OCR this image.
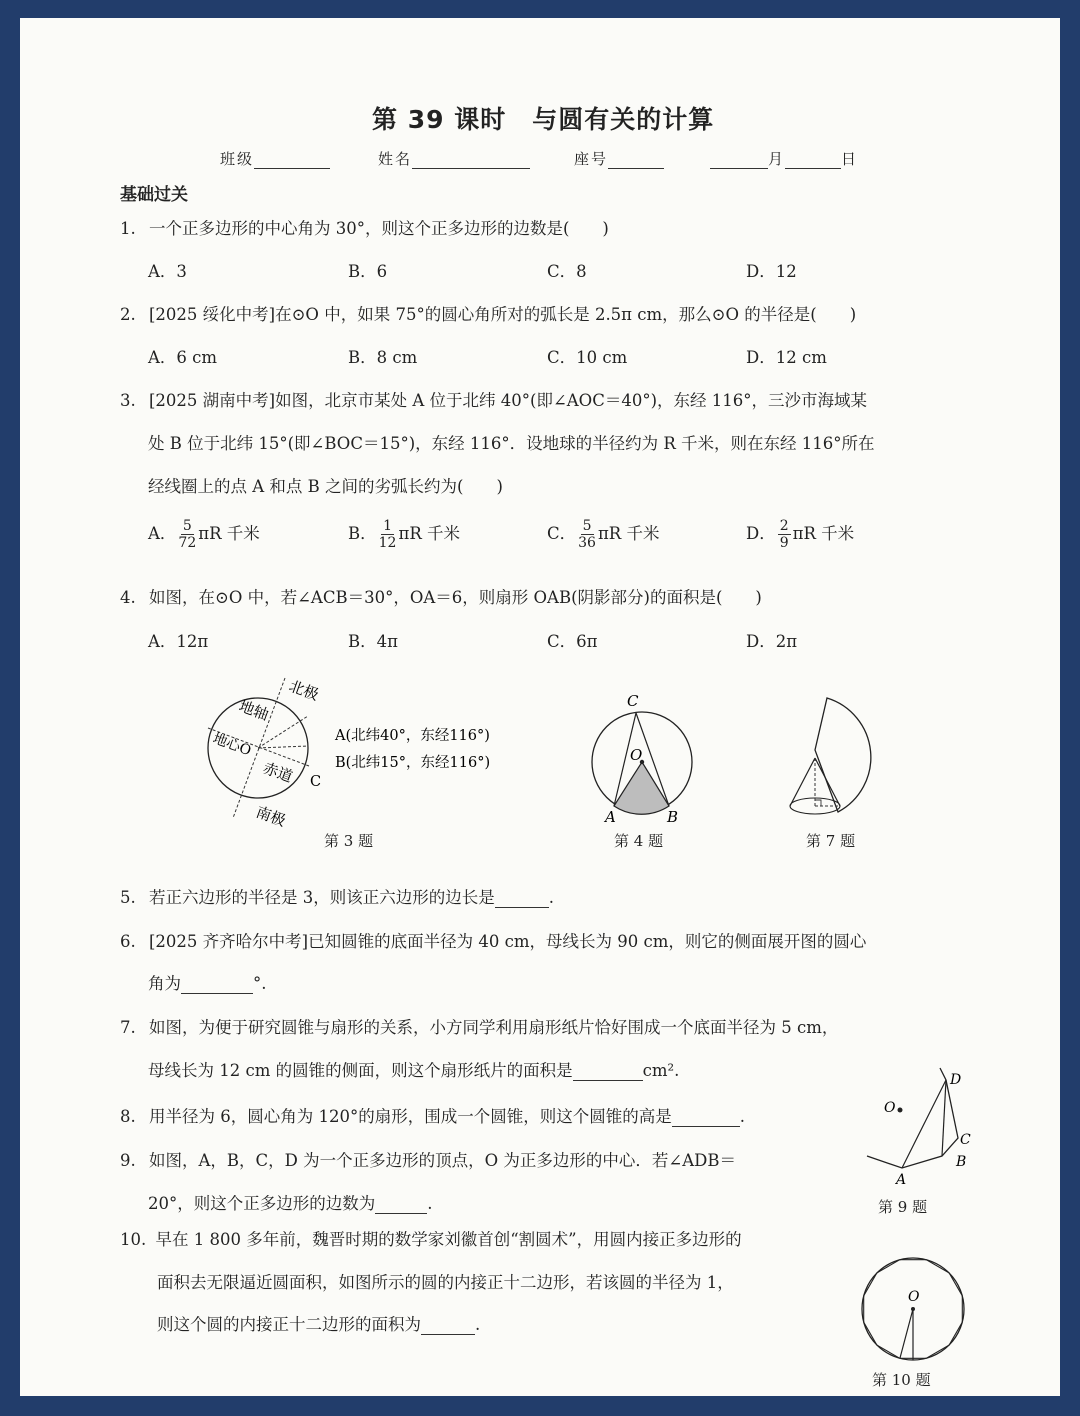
第 39 课时　与圆有关的计算
班级	姓名	座号	月	日
基础过关
1. 一个正多边形的中心角为 30°，则这个正多边形的边数是(　　)
A．3	B．6	C．8	D．12
2. [2025 绥化中考]在⊙O 中，如果 75°的圆心角所对的弧长是 2.5π cm，那么⊙O 的半径是(　　)
A．6 cm	B．8 cm	C．10 cm	D．12 cm
3. [2025 湖南中考]如图，北京市某处 A 位于北纬 40°(即∠AOC＝40°)，东经 116°，三沙市海域某
处 B 位于北纬 15°(即∠BOC＝15°)，东经 116°．设地球的半径约为 R 千米，则在东经 116°所在
经线圈上的点 A 和点 B 之间的劣弧长约为(　　)
A． $\frac{5}{72}$ πR 千米	B． $\frac{1}{12}$ πR 千米	C． $\frac{5}{36}$ πR 千米	D． $\frac{2}{9}$ πR 千米
4. 如图，在⊙O 中，若∠ACB＝30°，OA＝6，则扇形 OAB(阴影部分)的面积是(　　)
A．12π	B．4π	C．6π	D．2π
北极
地轴
地心O
赤道
南极
A(北纬40°，东经116°)
B(北纬15°，东经116°)
C
第 3 题
C
O
A	B
第 4 题	第 7 题
5. 若正六边形的半径是 3，则该正六边形的边长是	.
6. [2025 齐齐哈尔中考]已知圆锥的底面半径为 40 cm，母线长为 90 cm，则它的侧面展开图的圆心
角为	°.
7. 如图，为便于研究圆锥与扇形的关系，小方同学利用扇形纸片恰好围成一个底面半径为 5 cm，
母线长为 12 cm 的圆锥的侧面，则这个扇形纸片的面积是	cm².
8. 用半径为 6，圆心角为 120°的扇形，围成一个圆锥，则这个圆锥的高是	.
9. 如图，A，B，C，D 为一个正多边形的顶点，O 为正多边形的中心．若∠ADB＝
20°，则这个正多边形的边数为	.
O
A
B
C
D
第 9 题
10. 早在 1 800 多年前，魏晋时期的数学家刘徽首创“割圆术”，用圆内接正多边形的
面积去无限逼近圆面积，如图所示的圆的内接正十二边形，若该圆的半径为 1，
则这个圆的内接正十二边形的面积为	.
O
第 10 题
